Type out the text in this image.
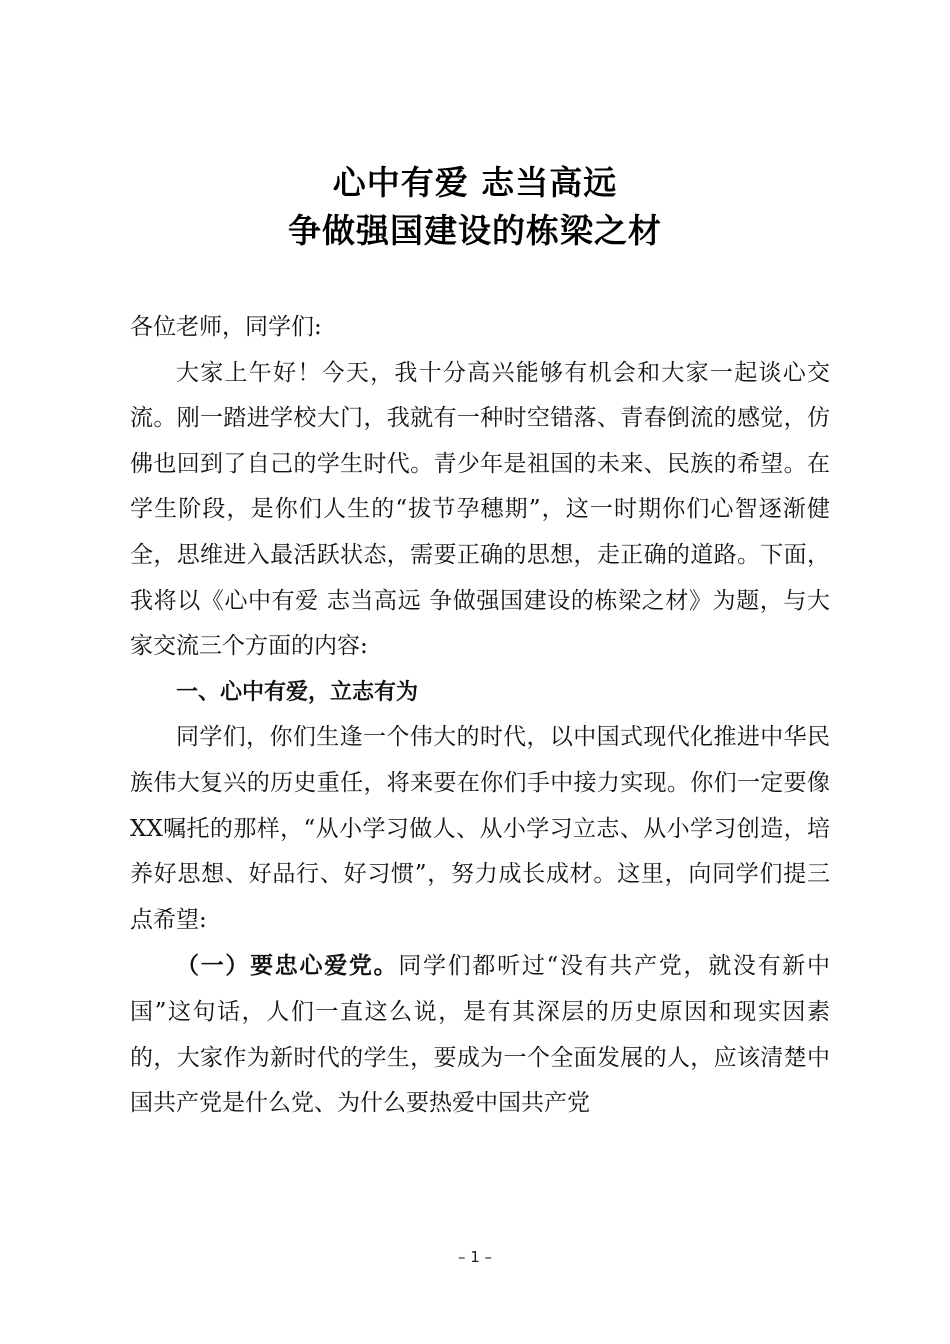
心中有爱 志当高远
争做强国建设的栋梁之材

各位老师，同学们:

大家上午好！今天，我十分高兴能够有机会和大家一起谈心交流。刚一踏进学校大门，我就有一种时空错落、青春倒流的感觉，仿佛也回到了自己的学生时代。青少年是祖国的未来、民族的希望。在学生阶段，是你们人生的“拔节孕穗期”，这一时期你们心智逐渐健全，思维进入最活跃状态，需要正确的思想，走正确的道路。下面，我将以《心中有爱 志当高远 争做强国建设的栋梁之材》为题，与大家交流三个方面的内容:

一、心中有爱，立志有为

同学们，你们生逢一个伟大的时代，以中国式现代化推进中华民族伟大复兴的历史重任，将来要在你们手中接力实现。你们一定要像XX嘱托的那样，“从小学习做人、从小学习立志、从小学习创造，培养好思想、好品行、好习惯”，努力成长成材。这里，向同学们提三点希望:

（一）要忠心爱党。同学们都听过“没有共产党，就没有新中国”这句话，人们一直这么说，是有其深层的历史原因和现实因素的，大家作为新时代的学生，要成为一个全面发展的人，应该清楚中国共产党是什么党、为什么要热爱中国共产党

– 1 –
